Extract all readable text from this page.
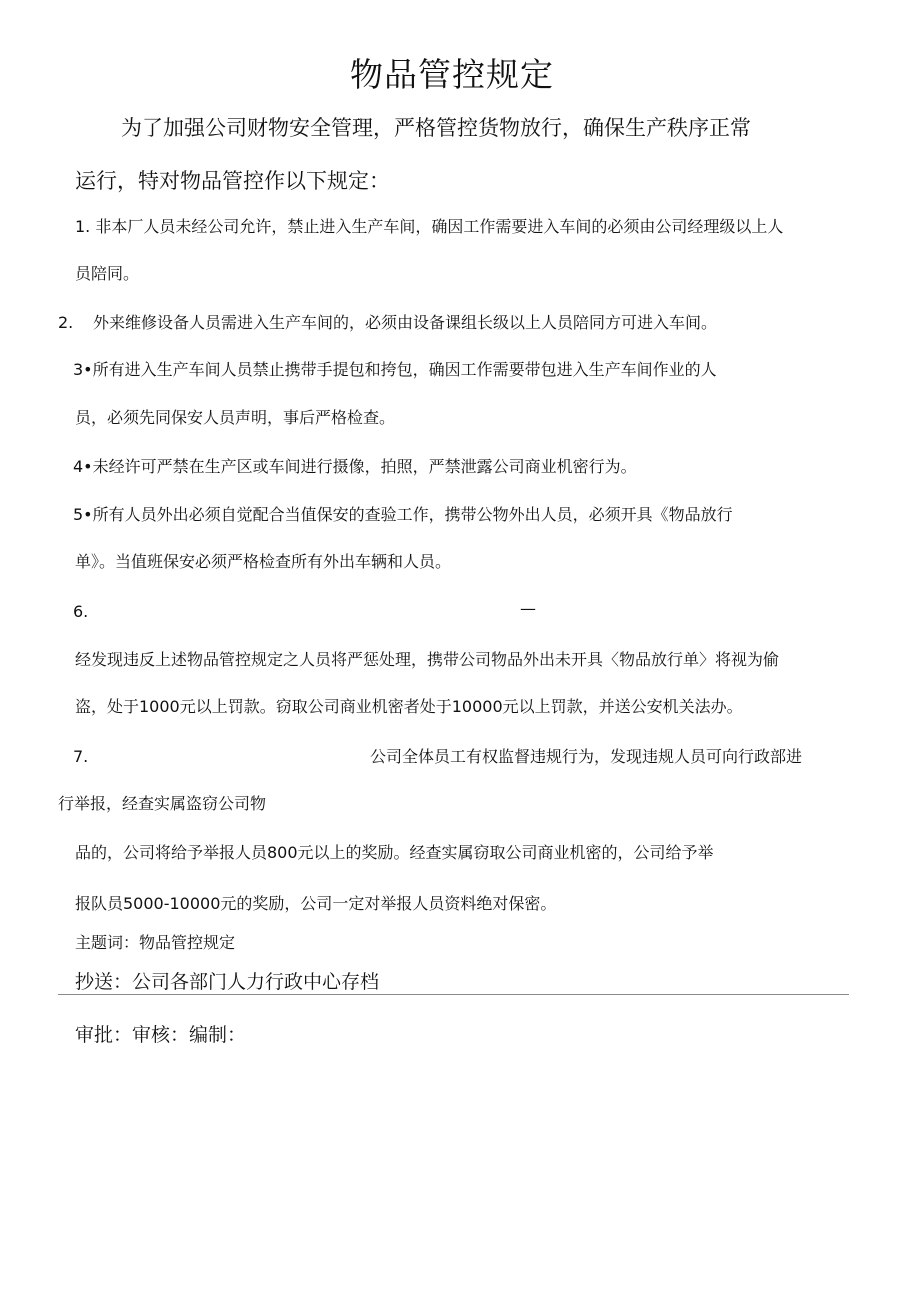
物品管控规定
为了加强公司财物安全管理，严格管控货物放行，确保生产秩序正常
运行，特对物品管控作以下规定：
1. 非本厂人员未经公司允许，禁止进入生产车间，确因工作需要进入车间的必须由公司经理级以上人
员陪同。
2. 外来维修设备人员需进入生产车间的，必须由设备课组长级以上人员陪同方可进入车间。
3•所有进入生产车间人员禁止携带手提包和挎包，确因工作需要带包进入生产车间作业的人
员，必须先同保安人员声明，事后严格检查。
4•未经许可严禁在生产区或车间进行摄像，拍照，严禁泄露公司商业机密行为。
5•所有人员外出必须自觉配合当值保安的查验工作，携带公物外出人员，必须开具《物品放行
单》。当值班保安必须严格检查所有外出车辆和人员。
6.	—
经发现违反上述物品管控规定之人员将严惩处理，携带公司物品外出未开具〈物品放行单〉将视为偷
盗，处于1000元以上罚款。窃取公司商业机密者处于10000元以上罚款，并送公安机关法办。
7.	公司全体员工有权监督违规行为，发现违规人员可向行政部进
行举报，经查实属盗窃公司物
品的，公司将给予举报人员800元以上的奖励。经查实属窃取公司商业机密的，公司给予举
报队员5000-10000元的奖励，公司一定对举报人员资料绝对保密。
主题词：物品管控规定
抄送：公司各部门人力行政中心存档
审批：审核：编制：
